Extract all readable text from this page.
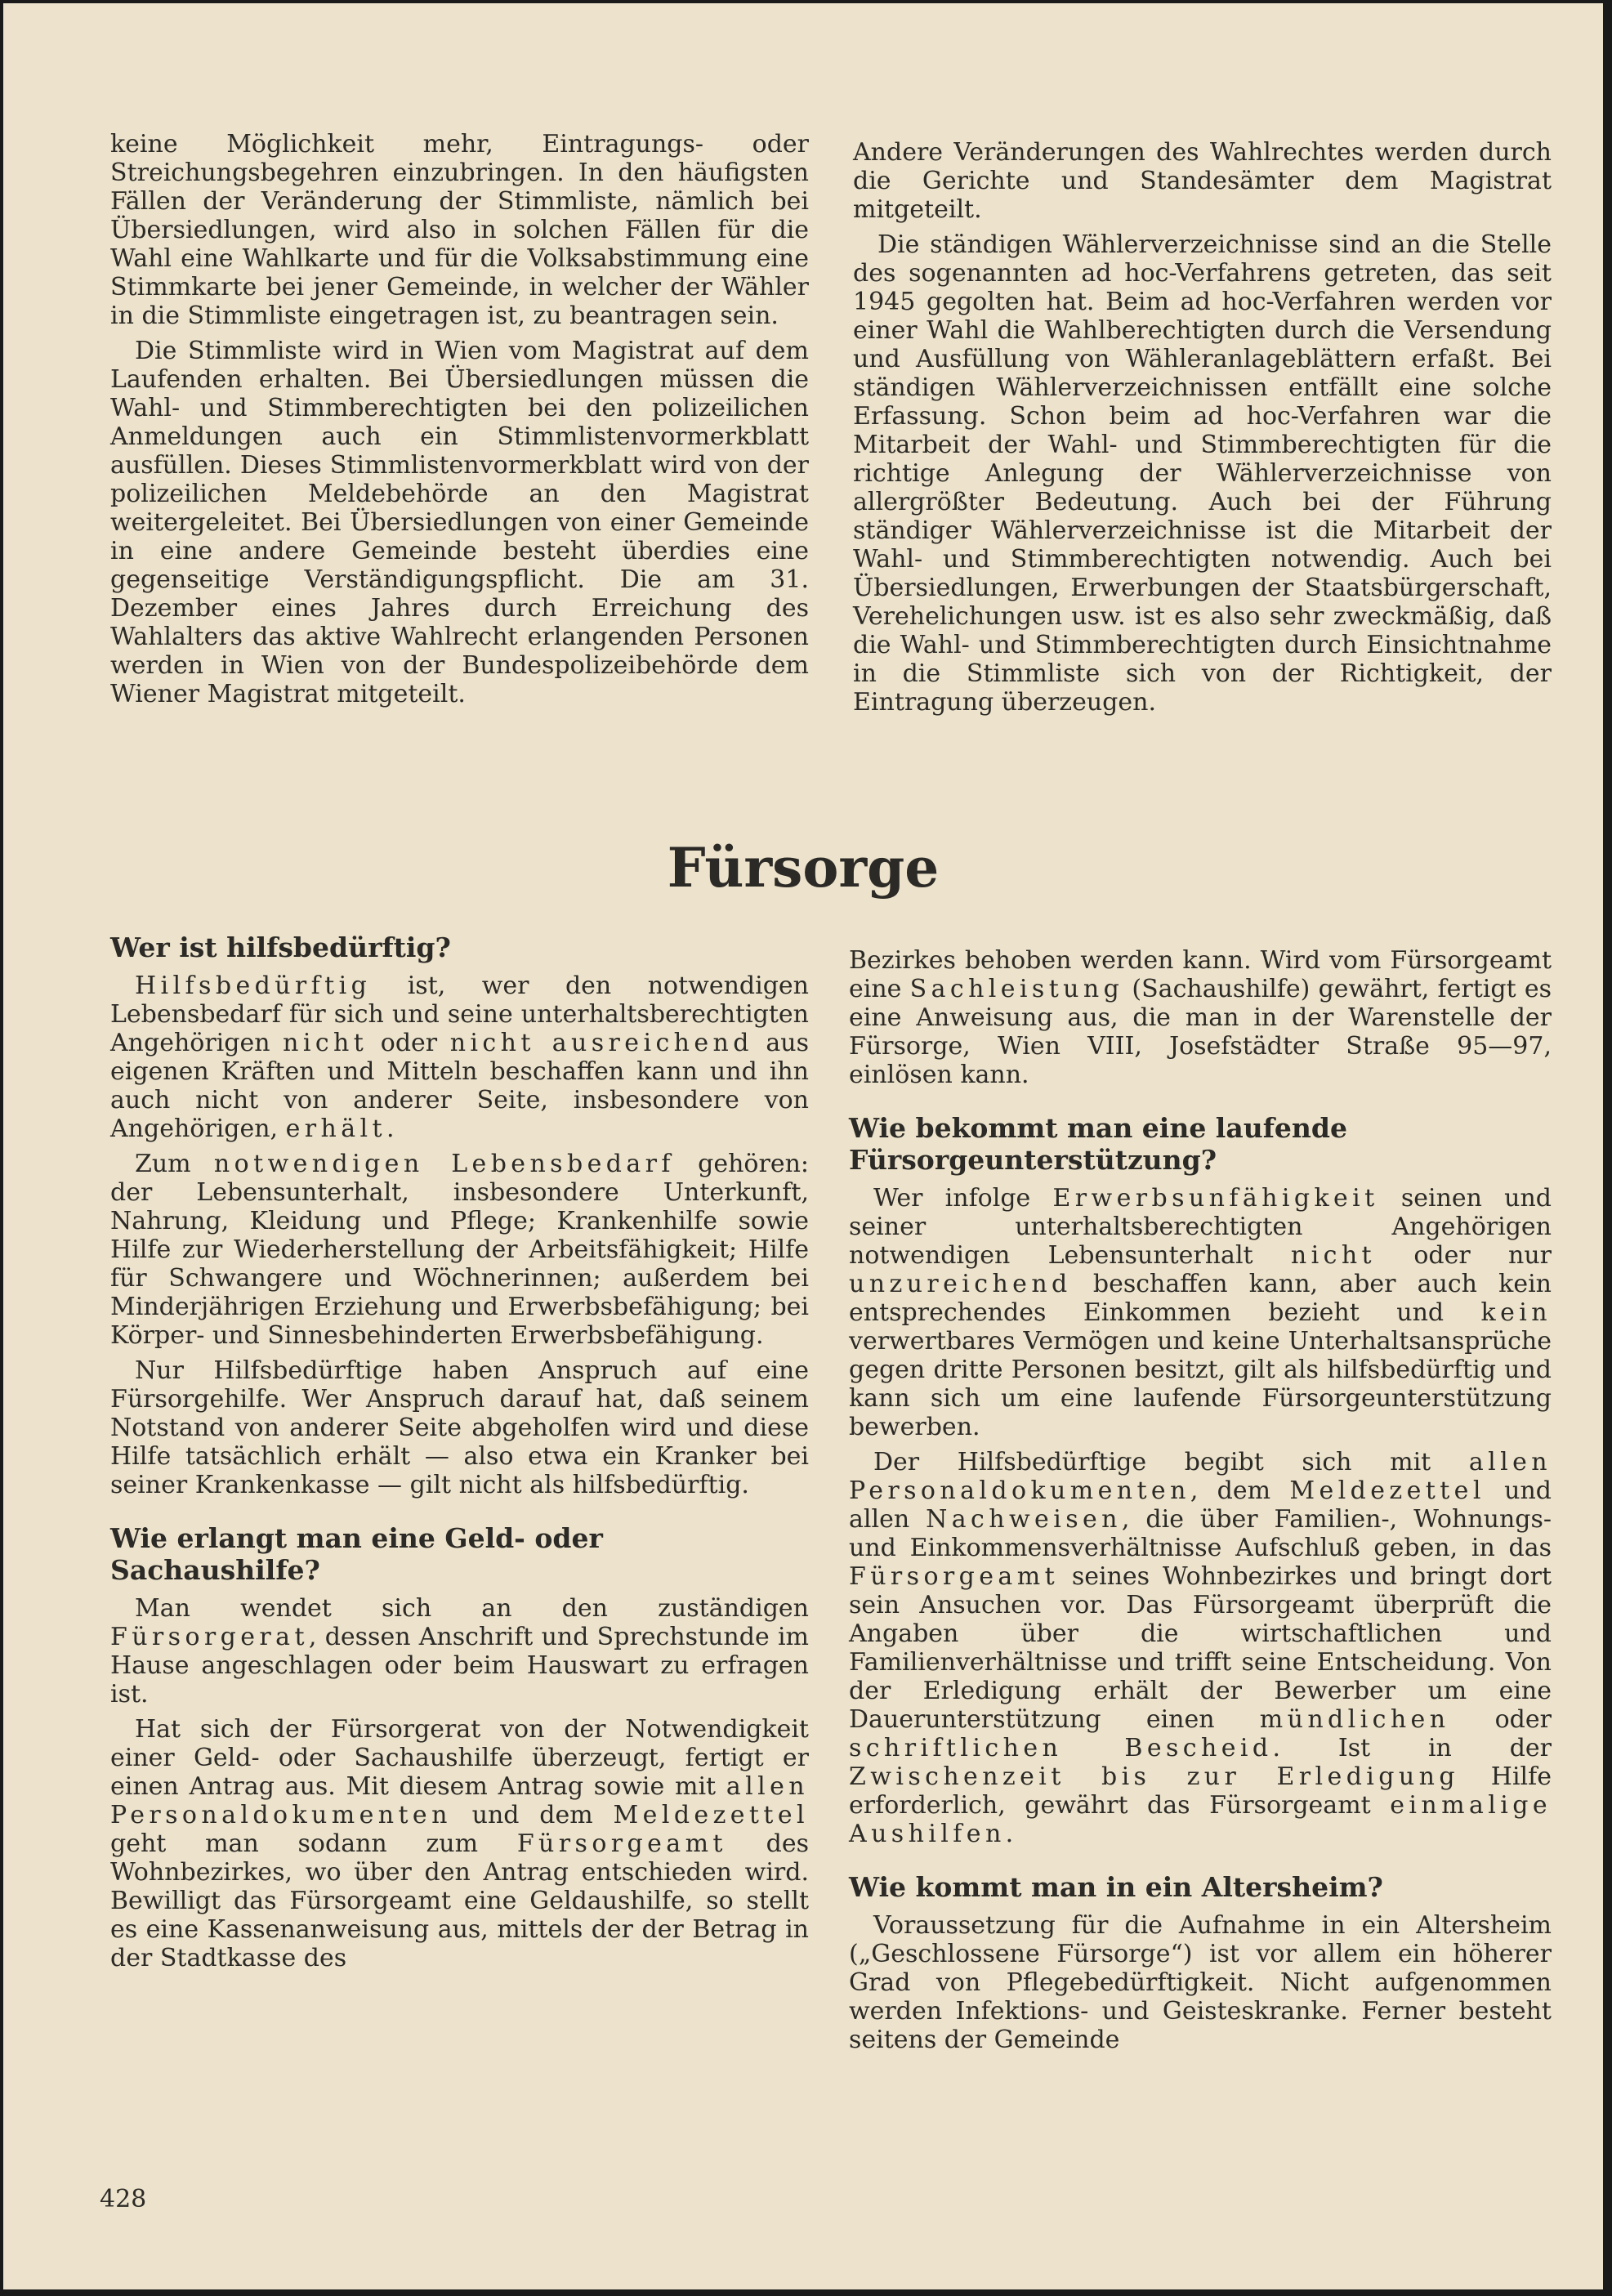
keine Möglichkeit mehr, Eintragungs- oder Streichungsbegehren einzubringen. In den häufigsten Fällen der Veränderung der Stimmliste, nämlich bei Übersiedlungen, wird also in solchen Fällen für die Wahl eine Wahlkarte und für die Volksabstimmung eine Stimmkarte bei jener Gemeinde, in welcher der Wähler in die Stimmliste eingetragen ist, zu beantragen sein.

Die Stimmliste wird in Wien vom Magistrat auf dem Laufenden erhalten. Bei Übersiedlungen müssen die Wahl- und Stimmberechtigten bei den polizeilichen Anmeldungen auch ein Stimmlistenvormerkblatt ausfüllen. Dieses Stimmlistenvormerkblatt wird von der polizeilichen Meldebehörde an den Magistrat weitergeleitet. Bei Übersiedlungen von einer Gemeinde in eine andere Gemeinde besteht überdies eine gegenseitige Verständigungspflicht. Die am 31. Dezember eines Jahres durch Erreichung des Wahlalters das aktive Wahlrecht erlangenden Personen werden in Wien von der Bundespolizeibehörde dem Wiener Magistrat mitgeteilt.

Andere Veränderungen des Wahlrechtes werden durch die Gerichte und Standesämter dem Magistrat mitgeteilt.

Die ständigen Wählerverzeichnisse sind an die Stelle des sogenannten ad hoc-Verfahrens getreten, das seit 1945 gegolten hat. Beim ad hoc-Verfahren werden vor einer Wahl die Wahlberechtigten durch die Versendung und Ausfüllung von Wähleranlageblättern erfaßt. Bei ständigen Wählerverzeichnissen entfällt eine solche Erfassung. Schon beim ad hoc-Verfahren war die Mitarbeit der Wahl- und Stimmberechtigten für die richtige Anlegung der Wählerverzeichnisse von allergrößter Bedeutung. Auch bei der Führung ständiger Wählerverzeichnisse ist die Mitarbeit der Wahl- und Stimmberechtigten notwendig. Auch bei Übersiedlungen, Erwerbungen der Staatsbürgerschaft, Verehelichungen usw. ist es also sehr zweckmäßig, daß die Wahl- und Stimmberechtigten durch Einsichtnahme in die Stimmliste sich von der Richtigkeit, der Eintragung überzeugen.

Fürsorge
Wer ist hilfsbedürftig?

Hilfsbedürftig ist, wer den notwendigen Lebensbedarf für sich und seine unterhaltsberechtigten Angehörigen nicht oder nicht ausreichend aus eigenen Kräften und Mitteln beschaffen kann und ihn auch nicht von anderer Seite, insbesondere von Angehörigen, erhält.

Zum notwendigen Lebensbedarf gehören: der Lebensunterhalt, insbesondere Unterkunft, Nahrung, Kleidung und Pflege; Krankenhilfe sowie Hilfe zur Wiederherstellung der Arbeitsfähigkeit; Hilfe für Schwangere und Wöchnerinnen; außerdem bei Minderjährigen Erziehung und Erwerbsbefähigung; bei Körper- und Sinnesbehinderten Erwerbsbefähigung.

Nur Hilfsbedürftige haben Anspruch auf eine Fürsorgehilfe. Wer Anspruch darauf hat, daß seinem Notstand von anderer Seite abgeholfen wird und diese Hilfe tatsächlich erhält — also etwa ein Kranker bei seiner Krankenkasse — gilt nicht als hilfsbedürftig.

Wie erlangt man eine Geld- oder Sachaushilfe?

Man wendet sich an den zuständigen Fürsorgerat, dessen Anschrift und Sprechstunde im Hause angeschlagen oder beim Hauswart zu erfragen ist.

Hat sich der Fürsorgerat von der Notwendigkeit einer Geld- oder Sachaushilfe überzeugt, fertigt er einen Antrag aus. Mit diesem Antrag sowie mit allen Personaldokumenten und dem Meldezettel geht man sodann zum Fürsorgeamt des Wohnbezirkes, wo über den Antrag entschieden wird. Bewilligt das Fürsorgeamt eine Geldaushilfe, so stellt es eine Kassenanweisung aus, mittels der der Betrag in der Stadtkasse des

Bezirkes behoben werden kann. Wird vom Fürsorgeamt eine Sachleistung (Sachaushilfe) gewährt, fertigt es eine Anweisung aus, die man in der Warenstelle der Fürsorge, Wien VIII, Josefstädter Straße 95—97, einlösen kann.

Wie bekommt man eine laufende Fürsorgeunterstützung?

Wer infolge Erwerbsunfähigkeit seinen und seiner unterhaltsberechtigten Angehörigen notwendigen Lebensunterhalt nicht oder nur unzureichend beschaffen kann, aber auch kein entsprechendes Einkommen bezieht und kein verwertbares Vermögen und keine Unterhaltsansprüche gegen dritte Personen besitzt, gilt als hilfsbedürftig und kann sich um eine laufende Fürsorgeunterstützung bewerben.

Der Hilfsbedürftige begibt sich mit allen Personaldokumenten, dem Meldezettel und allen Nachweisen, die über Familien-, Wohnungs- und Einkommensverhältnisse Aufschluß geben, in das Fürsorgeamt seines Wohnbezirkes und bringt dort sein Ansuchen vor. Das Fürsorgeamt überprüft die Angaben über die wirtschaftlichen und Familienverhältnisse und trifft seine Entscheidung. Von der Erledigung erhält der Bewerber um eine Dauerunterstützung einen mündlichen oder schriftlichen Bescheid. Ist in der Zwischenzeit bis zur Erledigung Hilfe erforderlich, gewährt das Fürsorgeamt einmalige Aushilfen.

Wie kommt man in ein Altersheim?

Voraussetzung für die Aufnahme in ein Altersheim („Geschlossene Fürsorge“) ist vor allem ein höherer Grad von Pflegebedürftigkeit. Nicht aufgenommen werden Infektions- und Geisteskranke. Ferner besteht seitens der Gemeinde

428
